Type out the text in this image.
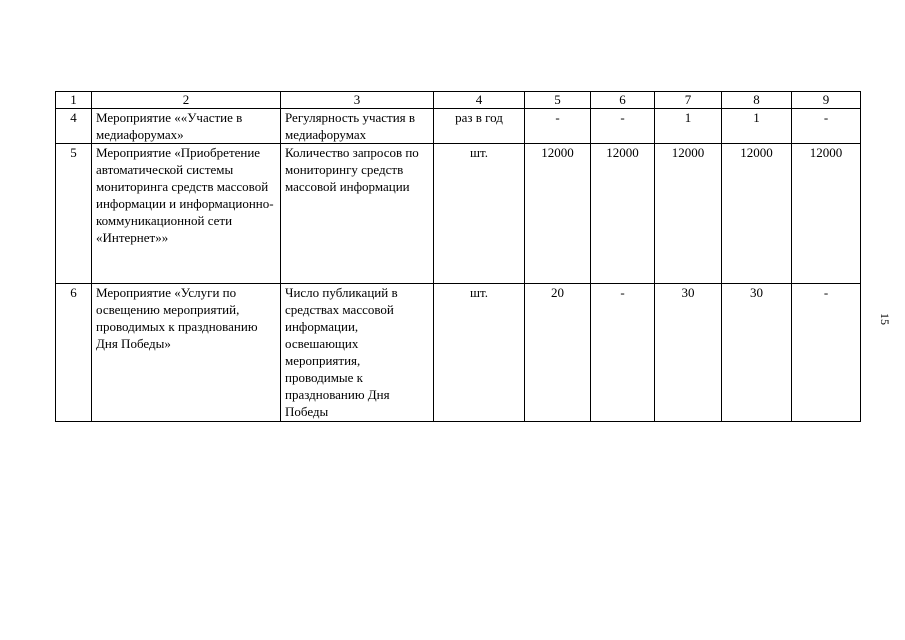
1	2	3	4	5	6	7	8	9
4	Мероприятие ««Участие в медиафорумах»	Регулярность участия в медиафорумах	раз в год	-	-	1	1	-
5	Мероприятие «Приобретение автоматической системы мониторинга средств массовой информации и информационно-коммуникационной сети «Интернет»»	Количество запросов по мониторингу средств массовой информации	шт.	12000	12000	12000	12000	12000
6	Мероприятие «Услуги по освещению мероприятий, проводимых к празднованию Дня Победы»	Число публикаций в средствах массовой информации, освешающих мероприятия, проводимые к празднованию Дня Победы	шт.	20	-	30	30	-
15
